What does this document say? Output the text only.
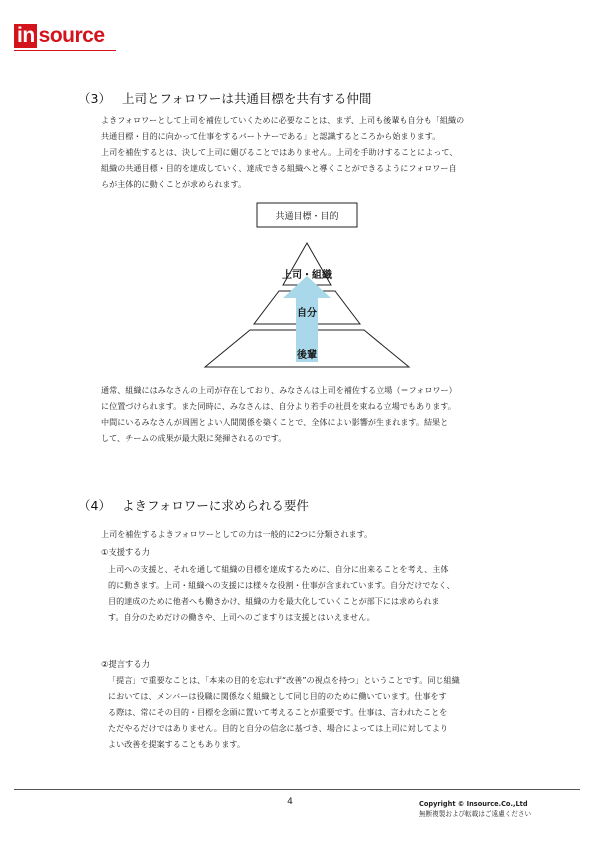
in source
（3） 上司とフォロワーは共通目標を共有する仲間
よきフォロワーとして上司を補佐していくために必要なことは、まず、上司も後輩も自分も「組織の
共通目標・目的に向かって仕事をするパートナーである」と認識するところから始まります。
上司を補佐するとは、決して上司に媚びることではありません。上司を手助けすることによって、
組織の共通目標・目的を達成していく、達成できる組織へと導くことができるようにフォロワー自
らが主体的に動くことが求められます。
共通目標・目的
上司・組織
自分
後輩
通常、組織にはみなさんの上司が存在しており、みなさんは上司を補佐する立場（＝フォロワー）
に位置づけられます。また同時に、みなさんは、自分より若手の社員を束ねる立場でもあります。
中間にいるみなさんが周囲とよい人間関係を築くことで、全体によい影響が生まれます。結果と
して、チームの成果が最大限に発揮されるのです。
（4） よきフォロワーに求められる要件
上司を補佐するよきフォロワーとしての力は一般的に2つに分類されます。
①支援する力
上司への支援と、それを通して組織の目標を達成するために、自分に出来ることを考え、主体
的に動きます。上司・組織への支援には様々な役割・仕事が含まれています。自分だけでなく、
目的達成のために他者へも働きかけ、組織の力を最大化していくことが部下には求められま
す。自分のためだけの働きや、上司へのごますりは支援とはいえません。
②提言する力
「提言」で重要なことは、「本来の目的を忘れず“改善”の視点を持つ」ということです。同じ組織
においては、メンバーは役職に関係なく組織として同じ目的のために働いています。仕事をす
る際は、常にその目的・目標を念頭に置いて考えることが重要です。仕事は、言われたことを
ただやるだけではありません。目的と自分の信念に基づき、場合によっては上司に対してより
よい改善を提案することもあります。
4	Copyright © Insource.Co.,Ltd
無断複製および転載はご遠慮ください
